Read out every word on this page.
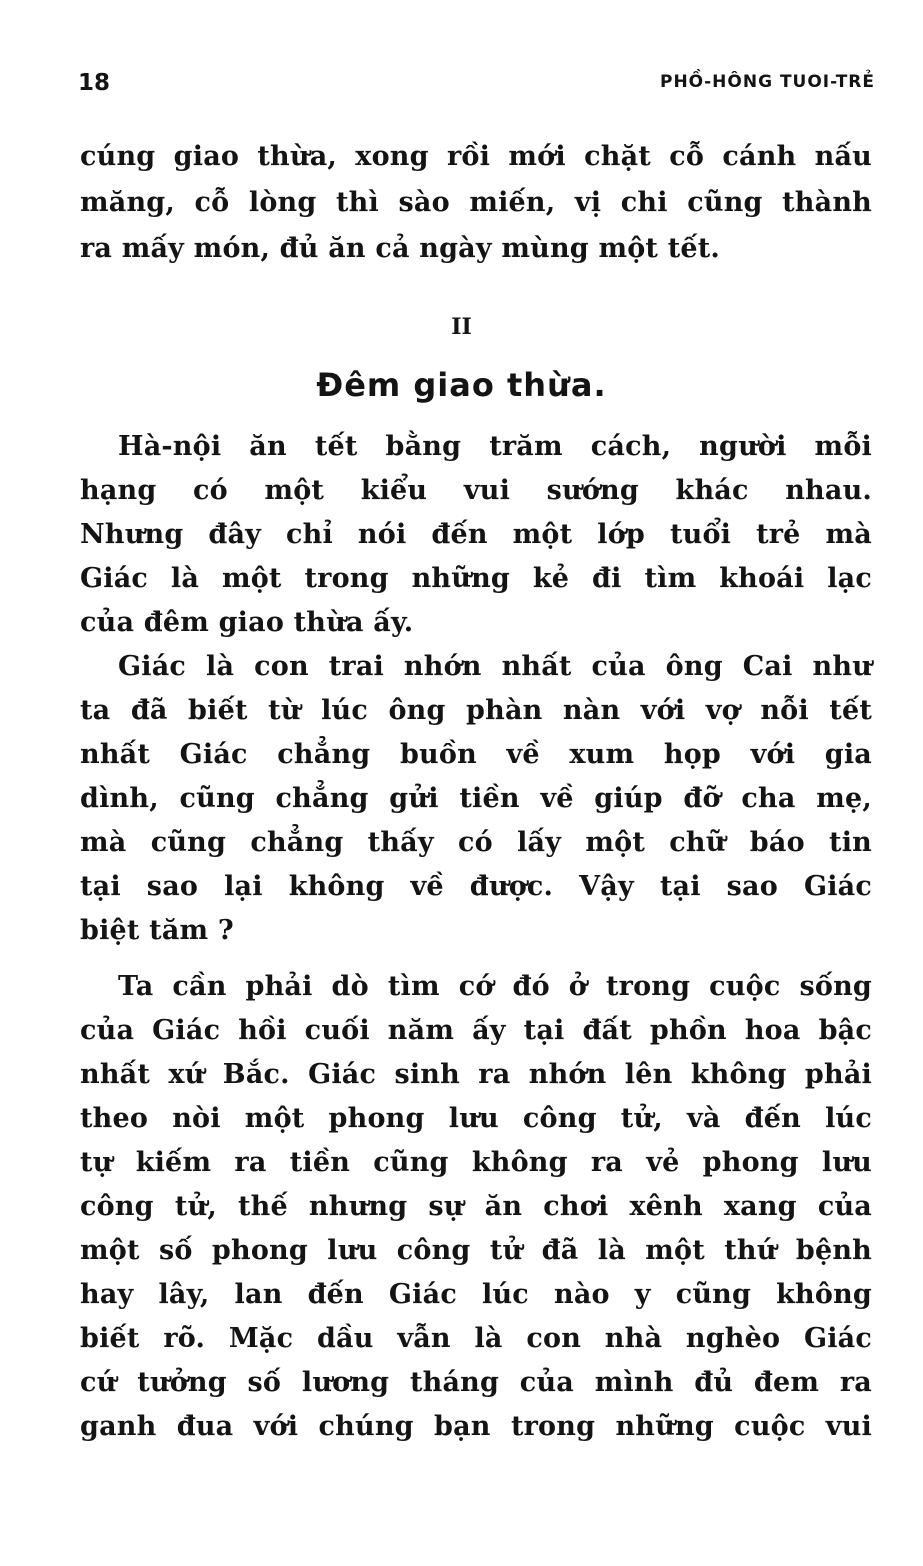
18	PHỒ-HÔNG TUOI-TRẺ
cúng giao thừa, xong rồi mới chặt cỗ cánh nấu
măng, cỗ lòng thì sào miến, vị chi cũng thành
ra mấy món, đủ ăn cả ngày mùng một tết.
II
Đêm giao thừa.
Hà-nội ăn tết bằng trăm cách, người mỗi
hạng có một kiểu vui sướng khác nhau.
Nhưng đây chỉ nói đến một lớp tuổi trẻ mà
Giác là một trong những kẻ đi tìm khoái lạc
của đêm giao thừa ấy.
Giác là con trai nhớn nhất của ông Cai như
ta đã biết từ lúc ông phàn nàn với vợ nỗi tết
nhất Giác chẳng buồn về xum họp với gia
dình, cũng chẳng gửi tiền về giúp đỡ cha mẹ,
mà cũng chẳng thấy có lấy một chữ báo tin
tại sao lại không về được. Vậy tại sao Giác
biệt tăm ?
Ta cần phải dò tìm cớ đó ở trong cuộc sống
của Giác hồi cuối năm ấy tại đất phồn hoa bậc
nhất xứ Bắc. Giác sinh ra nhớn lên không phải
theo nòi một phong lưu công tử, và đến lúc
tự kiếm ra tiền cũng không ra vẻ phong lưu
công tử, thế nhưng sự ăn chơi xênh xang của
một số phong lưu công tử đã là một thứ bệnh
hay lây, lan đến Giác lúc nào y cũng không
biết rõ. Mặc dầu vẫn là con nhà nghèo Giác
cứ tưởng số lương tháng của mình đủ đem ra
ganh đua với chúng bạn trong những cuộc vui
